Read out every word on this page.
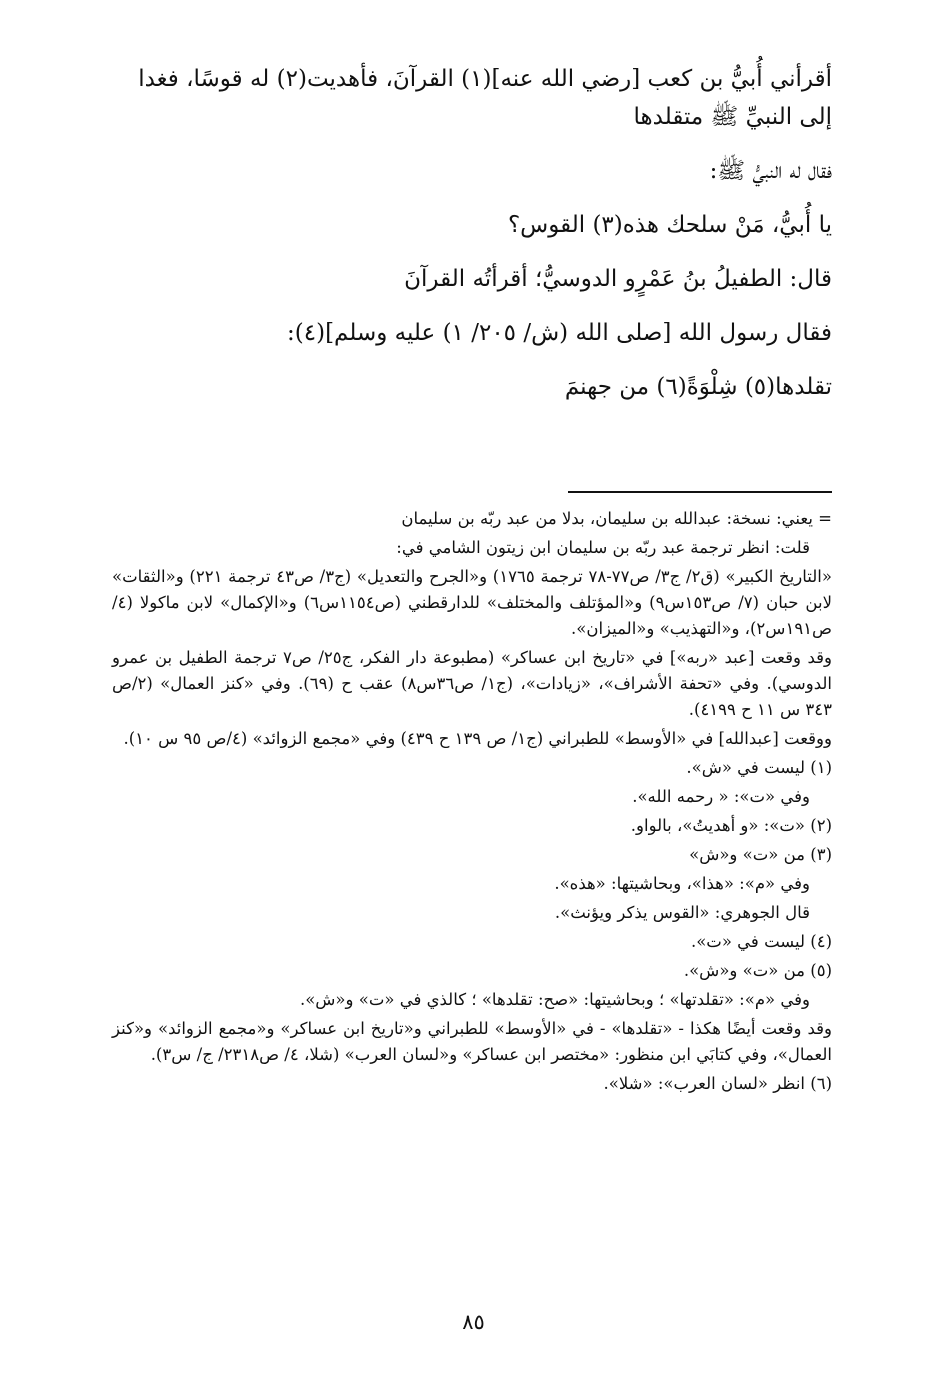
أقرأني أُبيُّ بن كعب [رضي الله عنه](١) القرآنَ، فأهديت(٢) له قوسًا، فغدا

إلى النبيِّ ﷺ متقلدها

فقال له النبيُّ ﷺ:

يا أُبيُّ، مَنْ سلحك هذه(٣) القوس؟

قال: الطفيلُ بنُ عَمْرٍو الدوسيُّ؛ أقرأتُه القرآنَ

فقال رسول الله [صلى الله (ش/ ٢٠٥/ ١) عليه وسلم](٤):

تقلدها(٥) شِلْوَةً(٦) من جهنمَ

= يعني: نسخة: عبدالله بن سليمان، بدلا من عبد ربّه بن سليمان

قلت: انظر ترجمة عبد ربّه بن سليمان ابن زيتون الشامي في:

«التاريخ الكبير» (ق٢/ ج٣/ ص٧٧-٧٨ ترجمة ١٧٦٥) و«الجرح والتعديل» (ج٣/ ص٤٣ ترجمة ٢٢١) و«الثقات» لابن حبان (٧/ ص١٥٣س٩) و«المؤتلف والمختلف» للدارقطني (ص١١٥٤س٦) و«الإكمال» لابن ماكولا (٤/ ص١٩١س٢)، و«التهذيب» و«الميزان».

وقد وقعت [عبد «ربه»] في «تاريخ ابن عساكر» (مطبوعة دار الفكر، ج٢٥/ ص٧ ترجمة الطفيل بن عمرو الدوسي). وفي «تحفة الأشراف»، «زيادات»، (ج١/ ص٣٦س٨) عقب ح (٦٩). وفي «كنز العمال» (٢/ص ٣٤٣ س ١١ ح ٤١٩٩).

ووقعت [عبدالله] في «الأوسط» للطبراني (ج١/ ص ١٣٩ ح ٤٣٩) وفي «مجمع الزوائد» (٤/ص ٩٥ س ١٠).

(١) ليست في «ش».

وفي «ت»: « رحمه الله».

(٢) «ت»: «و أهديتُ»، بالواو.

(٣) من «ت» و«ش»

وفي «م»: «هذا»، وبحاشيتها: «هذه».

قال الجوهري: «القوس يذكر ويؤنث».

(٤) ليست في «ت».

(٥) من «ت» و«ش».

وفي «م»: «تقلدتها» ؛ وبحاشيتها: «صح: تقلدها» ؛ كالذي في «ت» و«ش».

وقد وقعت أيضًا هكذا - «تقلدها» - في «الأوسط» للطبراني و«تاريخ ابن عساكر» و«مجمع الزوائد» و«كنز العمال»، وفي كتابَي ابن منظور: «مختصر ابن عساكر» و«لسان العرب» (شلا، ٤/ ص٢٣١٨/ ج/ س٣).

(٦) انظر «لسان العرب»: «شلا».

٨٥
